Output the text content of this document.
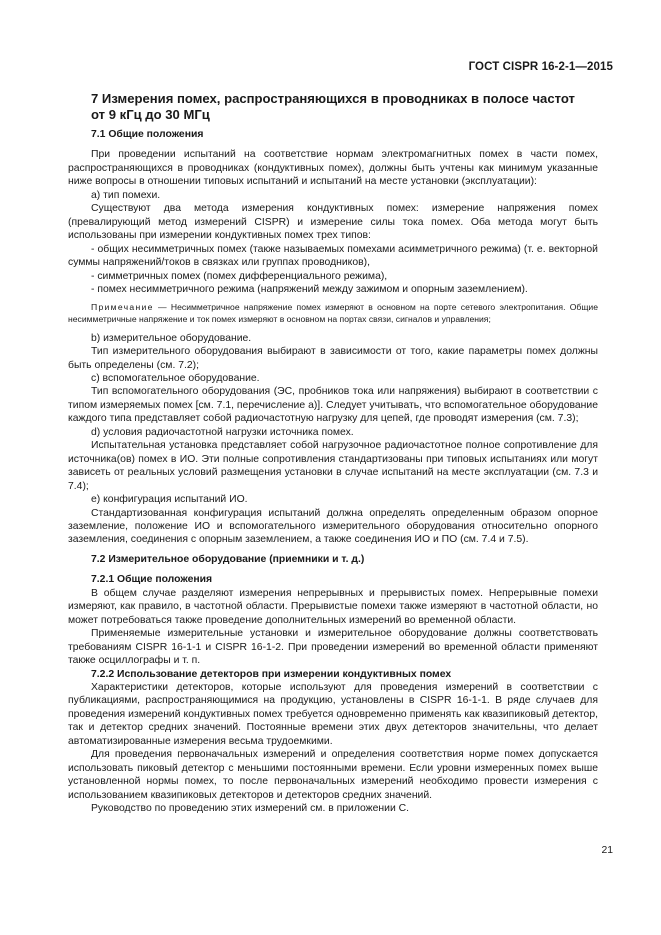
ГОСТ CISPR 16-2-1—2015
7 Измерения помех, распространяющихся в проводниках в полосе частот
от 9 кГц до 30 МГц
7.1 Общие положения

При проведении испытаний на соответствие нормам электромагнитных помех в части помех, распространяющихся в проводниках (кондуктивных помех), должны быть учтены как минимум указанные ниже вопросы в отношении типовых испытаний и испытаний на месте установки (эксплуатации):

а) тип помехи.

Существуют два метода измерения кондуктивных помех: измерение напряжения помех (превалирующий метод измерений CISPR) и измерение силы тока помех. Оба метода могут быть использованы при измерении кондуктивных помех трех типов:

- общих несимметричных помех (также называемых помехами асимметричного режима) (т. е. векторной суммы напряжений/токов в связках или группах проводников),

- симметричных помех (помех дифференциального режима),

- помех несимметричного режима (напряжений между зажимом и опорным заземлением).

Примечание — Несимметричное напряжение помех измеряют в основном на порте сетевого электропитания. Общие несимметричные напряжение и ток помех измеряют в основном на портах связи, сигналов и управления;

b) измерительное оборудование.

Тип измерительного оборудования выбирают в зависимости от того, какие параметры помех должны быть определены (см. 7.2);

с) вспомогательное оборудование.

Тип вспомогательного оборудования (ЭС, пробников тока или напряжения) выбирают в соответствии с типом измеряемых помех [см. 7.1, перечисление а)]. Следует учитывать, что вспомогательное оборудование каждого типа представляет собой радиочастотную нагрузку для цепей, где проводят измерения (см. 7.3);

d) условия радиочастотной нагрузки источника помех.

Испытательная установка представляет собой нагрузочное радиочастотное полное сопротивление для источника(ов) помех в ИО. Эти полные сопротивления стандартизованы при типовых испытаниях или могут зависеть от реальных условий размещения установки в случае испытаний на месте эксплуатации (см. 7.3 и 7.4);

е) конфигурация испытаний ИО.

Стандартизованная конфигурация испытаний должна определять определенным образом опорное заземление, положение ИО и вспомогательного измерительного оборудования относительно опорного заземления, соединения с опорным заземлением, а также соединения ИО и ПО (см. 7.4 и 7.5).

7.2 Измерительное оборудование (приемники и т. д.)

7.2.1 Общие положения

В общем случае разделяют измерения непрерывных и прерывистых помех. Непрерывные помехи измеряют, как правило, в частотной области. Прерывистые помехи также измеряют в частотной области, но может потребоваться также проведение дополнительных измерений во временной области.

Применяемые измерительные установки и измерительное оборудование должны соответствовать требованиям CISPR 16-1-1 и CISPR 16-1-2. При проведении измерений во временной области применяют также осциллографы и т. п.

7.2.2 Использование детекторов при измерении кондуктивных помех

Характеристики детекторов, которые используют для проведения измерений в соответствии с публикациями, распространяющимися на продукцию, установлены в CISPR 16-1-1. В ряде случаев для проведения измерений кондуктивных помех требуется одновременно применять как квазипиковый детектор, так и детектор средних значений. Постоянные времени этих двух детекторов значительны, что делает автоматизированные измерения весьма трудоемкими.

Для проведения первоначальных измерений и определения соответствия норме помех допускается использовать пиковый детектор с меньшими постоянными времени. Если уровни измеренных помех выше установленной нормы помех, то после первоначальных измерений необходимо провести измерения с использованием квазипиковых детекторов и детекторов средних значений.

Руководство по проведению этих измерений см. в приложении С.

21
